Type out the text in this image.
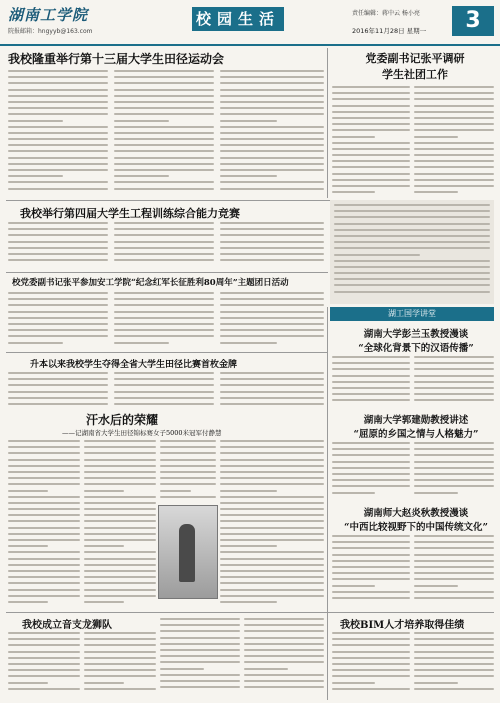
湖南工学院
院报邮箱：hngyyb@163.com
校园生活	责任编辑：蒋中云 杨小亮
2016年11月28日 星期一	3
我校隆重举行第十三届大学生田径运动会	党委副书记张平调研
学生社团工作
我校举行第四届大学生工程训练综合能力竞赛
校党委副书记张平参加安工学院“纪念红军长征胜利80周年”主题团日活动
升本以来我校学生夺得全省大学生田径比赛首枚金牌
汗水后的荣耀
——记湖南省大学生田径锦标赛女子5000米冠军付静慧
我校成立音支龙狮队	我校BIM人才培养取得佳绩
湖工国学讲堂
湖南大学彭兰玉教授漫谈
“全球化背景下的汉语传播”
湖南大学郭建勋教授讲述
“屈原的乡国之情与人格魅力”
湖南师大赵炎秋教授漫谈
“中西比较视野下的中国传统文化”
